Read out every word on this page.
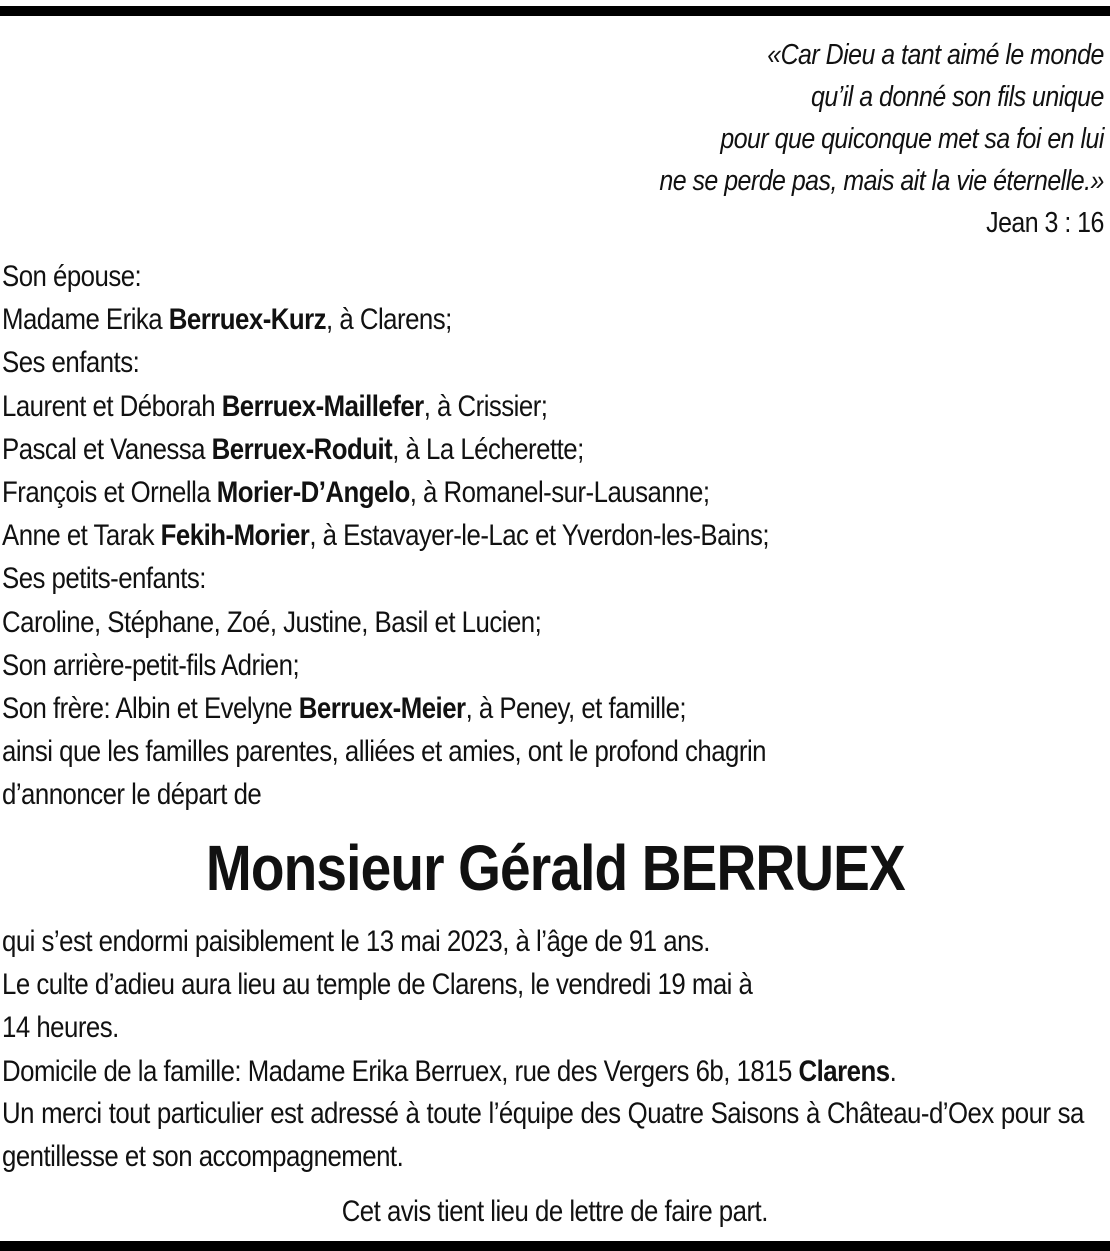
«Car Dieu a tant aimé le monde
qu’il a donné son fils unique
pour que quiconque met sa foi en lui
ne se perde pas, mais ait la vie éternelle.»
Jean 3 : 16
Son épouse:
Madame Erika Berruex-Kurz, à Clarens;
Ses enfants:
Laurent et Déborah Berruex-Maillefer, à Crissier;
Pascal et Vanessa Berruex-Roduit, à La Lécherette;
François et Ornella Morier-D’Angelo, à Romanel-sur-Lausanne;
Anne et Tarak Fekih-Morier, à Estavayer-le-Lac et Yverdon-les-Bains;
Ses petits-enfants:
Caroline, Stéphane, Zoé, Justine, Basil et Lucien;
Son arrière-petit-fils Adrien;
Son frère: Albin et Evelyne Berruex-Meier, à Peney, et famille;
ainsi que les familles parentes, alliées et amies, ont le profond chagrin
d’annoncer le départ de
Monsieur Gérald BERRUEX
qui s’est endormi paisiblement le 13 mai 2023, à l’âge de 91 ans.
Le culte d’adieu aura lieu au temple de Clarens, le vendredi 19 mai à
14 heures.
Domicile de la famille: Madame Erika Berruex, rue des Vergers 6b, 1815 Clarens.
Un merci tout particulier est adressé à toute l’équipe des Quatre Saisons à Château-d’Oex pour sa gentillesse et son accompagnement.
Cet avis tient lieu de lettre de faire part.
